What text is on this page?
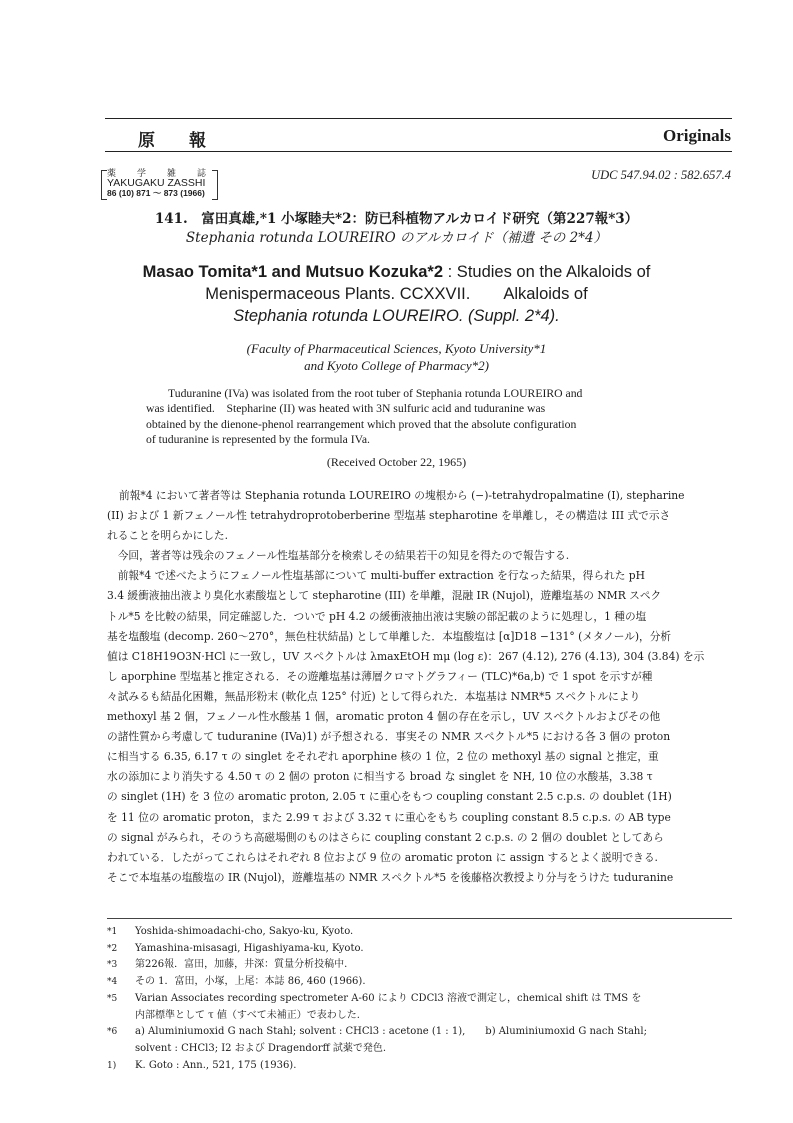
原　　報	Originals
薬　学　雑　誌
YAKUGAKU ZASSHI
86 (10) 871 ～ 873 (1966)
UDC 547.94.02 : 582.657.4
141.　富田真雄,*1 小塚睦夫*2：防已科植物アルカロイド研究（第227報*3）
Stephania rotunda LOUREIRO のアルカロイド（補遺 その 2*4）
Masao Tomita*1 and Mutsuo Kozuka*2 : Studies on the Alkaloids of
Menispermaceous Plants. CCXXVII.　　Alkaloids of
Stephania rotunda LOUREIRO. (Suppl. 2*4).
(Faculty of Pharmaceutical Sciences, Kyoto University*1
and Kyoto College of Pharmacy*2)
Tuduranine (IVa) was isolated from the root tuber of Stephania rotunda LOUREIRO and
was identified.　Stepharine (II) was heated with 3N sulfuric acid and tuduranine was
obtained by the dienone-phenol rearrangement which proved that the absolute configuration
of tuduranine is represented by the formula IVa.
(Received October 22, 1965)
前報*4 において著者等は Stephania rotunda LOUREIRO の塊根から (−)-tetrahydropalmatine (I), stepharine
(II) および 1 新フェノール性 tetrahydroprotoberberine 型塩基 stepharotine を単離し，その構造は III 式で示さ
れることを明らかにした.
　今回，著者等は残余のフェノール性塩基部分を検索しその結果若干の知見を得たので報告する.
　前報*4 で述べたようにフェノール性塩基部について multi-buffer extraction を行なった結果，得られた pH
3.4 緩衝液抽出液より臭化水素酸塩として stepharotine (III) を単離，混融 IR (Nujol)，遊離塩基の NMR スペク
トル*5 を比較の結果，同定確認した．ついで pH 4.2 の緩衝液抽出液は実験の部記載のように処理し，1 種の塩
基を塩酸塩 (decomp. 260～270°，無色柱状結晶) として単離した．本塩酸塩は [α]D18 −131° (メタノール)，分析
値は C18H19O3N·HCl に一致し，UV スペクトルは λmaxEtOH mμ (log ε)：267 (4.12), 276 (4.13), 304 (3.84) を示
し aporphine 型塩基と推定される．その遊離塩基は薄層クロマトグラフィー (TLC)*6a,b) で 1 spot を示すが種
々試みるも結晶化困難，無晶形粉末 (軟化点 125° 付近) として得られた．本塩基は NMR*5 スペクトルにより
methoxyl 基 2 個，フェノール性水酸基 1 個，aromatic proton 4 個の存在を示し，UV スペクトルおよびその他
の諸性質から考慮して tuduranine (IVa)1) が予想される．事実その NMR スペクトル*5 における各 3 個の proton
に相当する 6.35, 6.17 τ の singlet をそれぞれ aporphine 核の 1 位，2 位の methoxyl 基の signal と推定，重
水の添加により消失する 4.50 τ の 2 個の proton に相当する broad な singlet を NH, 10 位の水酸基，3.38 τ
の singlet (1H) を 3 位の aromatic proton, 2.05 τ に重心をもつ coupling constant 2.5 c.p.s. の doublet (1H)
を 11 位の aromatic proton，また 2.99 τ および 3.32 τ に重心をもち coupling constant 8.5 c.p.s. の AB type
の signal がみられ，そのうち高磁場側のものはさらに coupling constant 2 c.p.s. の 2 個の doublet としてあら
われている．したがってこれらはそれぞれ 8 位および 9 位の aromatic proton に assign するとよく説明できる.
そこで本塩基の塩酸塩の IR (Nujol)，遊離塩基の NMR スペクトル*5 を後藤格次教授より分与をうけた tuduranine
*1	Yoshida-shimoadachi-cho, Sakyo-ku, Kyoto.
*2	Yamashina-misasagi, Higashiyama-ku, Kyoto.
*3	第226報．富田，加藤，井深：質量分析投稿中.
*4	その 1．富田，小塚，上尾：本誌 86, 460 (1966).
*5	Varian Associates recording spectrometer A-60 により CDCl3 溶液で測定し，chemical shift は TMS を
内部標準として τ 値（すべて未補正）で表わした.
*6	a) Aluminiumoxid G nach Stahl; solvent : CHCl3 : acetone (1 : 1),　　b) Aluminiumoxid G nach Stahl;
solvent : CHCl3; I2 および Dragendorff 試薬で発色.
1)	K. Goto : Ann., 521, 175 (1936).
